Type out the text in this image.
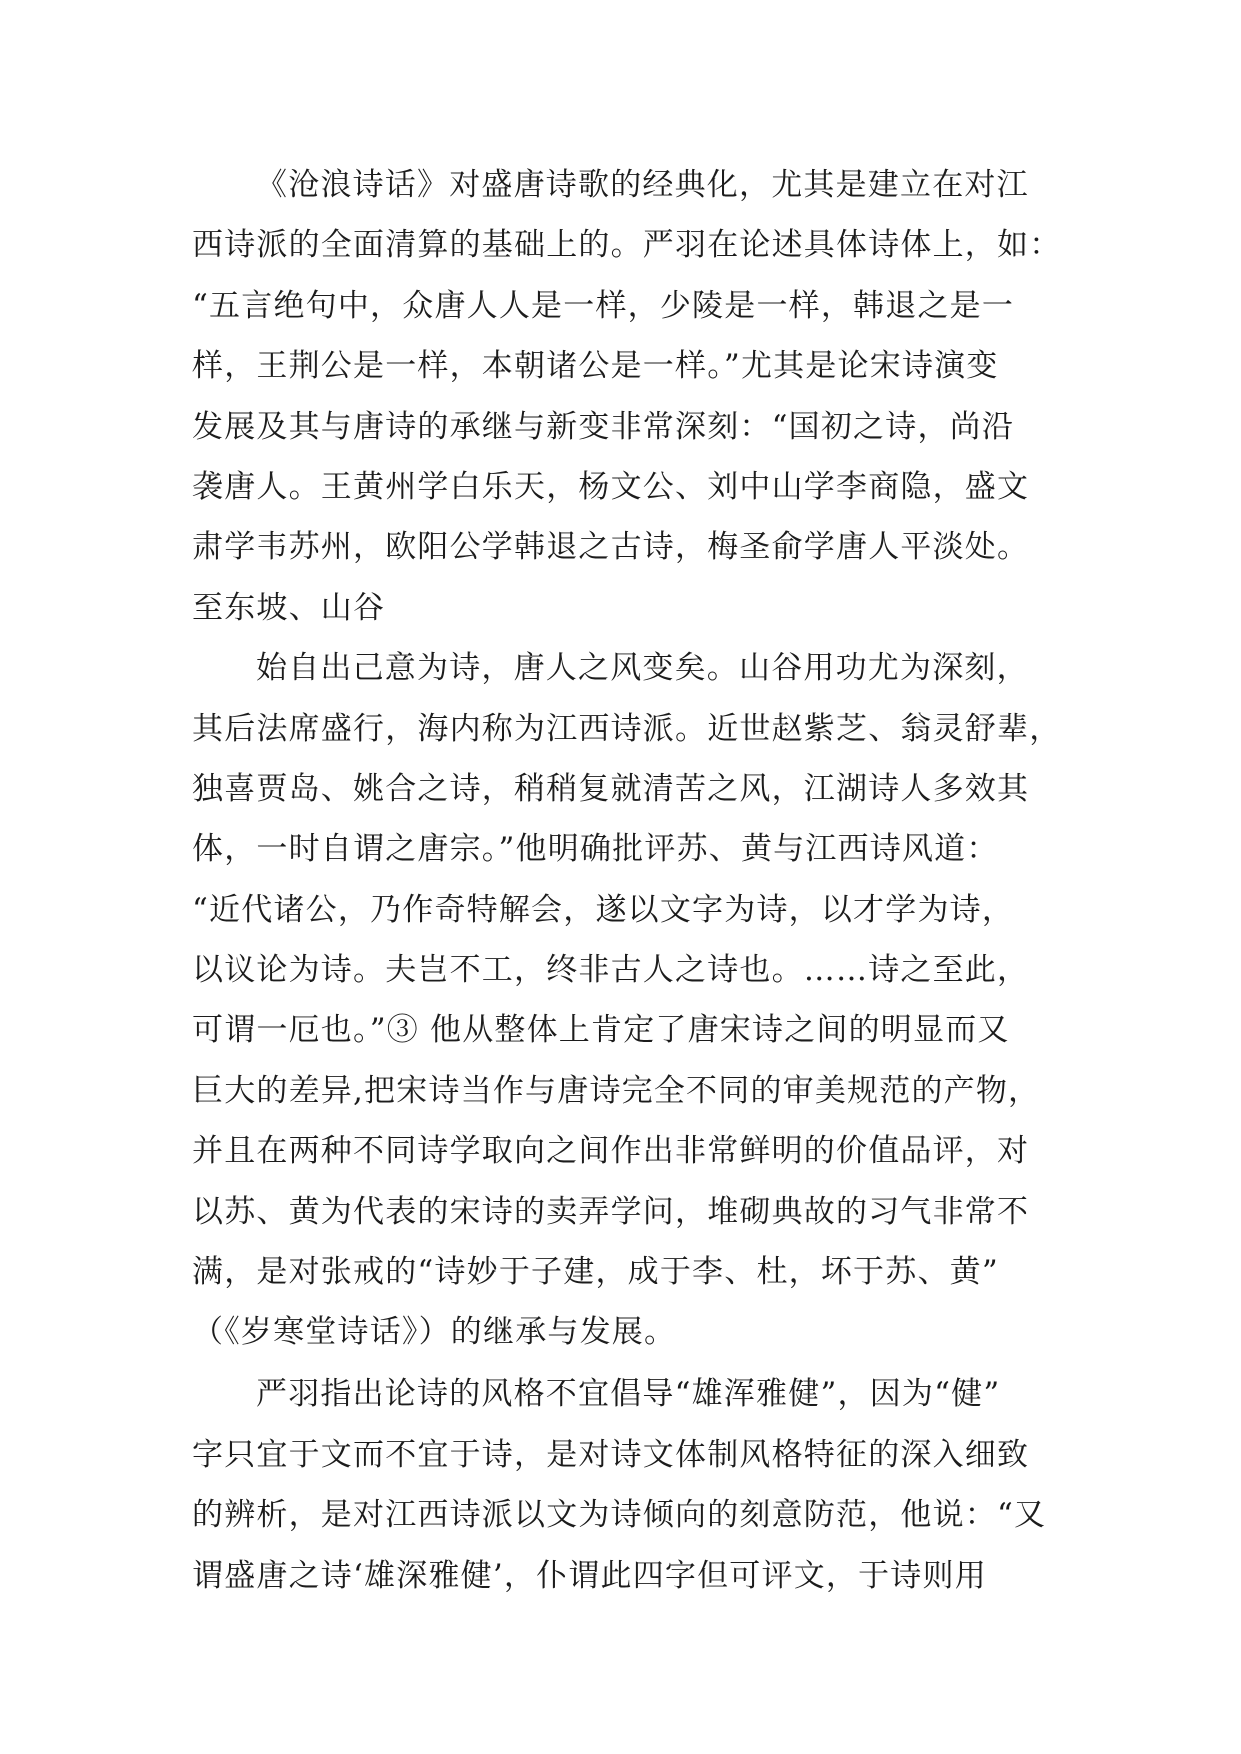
《沧浪诗话》对盛唐诗歌的经典化，尤其是建立在对江
西诗派的全面清算的基础上的。严羽在论述具体诗体上，如：
“五言绝句中，众唐人人是一样，少陵是一样，韩退之是一
样，王荆公是一样，本朝诸公是一样。”尤其是论宋诗演变
发展及其与唐诗的承继与新变非常深刻：“国初之诗，尚沿
袭唐人。王黄州学白乐天，杨文公、刘中山学李商隐，盛文
肃学韦苏州，欧阳公学韩退之古诗，梅圣俞学唐人平淡处。
至东坡、山谷
始自出己意为诗，唐人之风变矣。山谷用功尤为深刻，
其后法席盛行，海内称为江西诗派。近世赵紫芝、翁灵舒辈，
独喜贾岛、姚合之诗，稍稍复就清苦之风，江湖诗人多效其
体，一时自谓之唐宗。”他明确批评苏、黄与江西诗风道：
“近代诸公，乃作奇特解会，遂以文字为诗，以才学为诗，
以议论为诗。夫岂不工，终非古人之诗也。……诗之至此，
可谓一厄也。”③ 他从整体上肯定了唐宋诗之间的明显而又
巨大的差异,把宋诗当作与唐诗完全不同的审美规范的产物，
并且在两种不同诗学取向之间作出非常鲜明的价值品评，对
以苏、黄为代表的宋诗的卖弄学问，堆砌典故的习气非常不
满，是对张戒的“诗妙于子建，成于李、杜，坏于苏、黄”
（《岁寒堂诗话》）的继承与发展。
严羽指出论诗的风格不宜倡导“雄浑雅健”，因为“健”
字只宜于文而不宜于诗，是对诗文体制风格特征的深入细致
的辨析，是对江西诗派以文为诗倾向的刻意防范，他说：“又
谓盛唐之诗‘雄深雅健’，仆谓此四字但可评文，于诗则用
